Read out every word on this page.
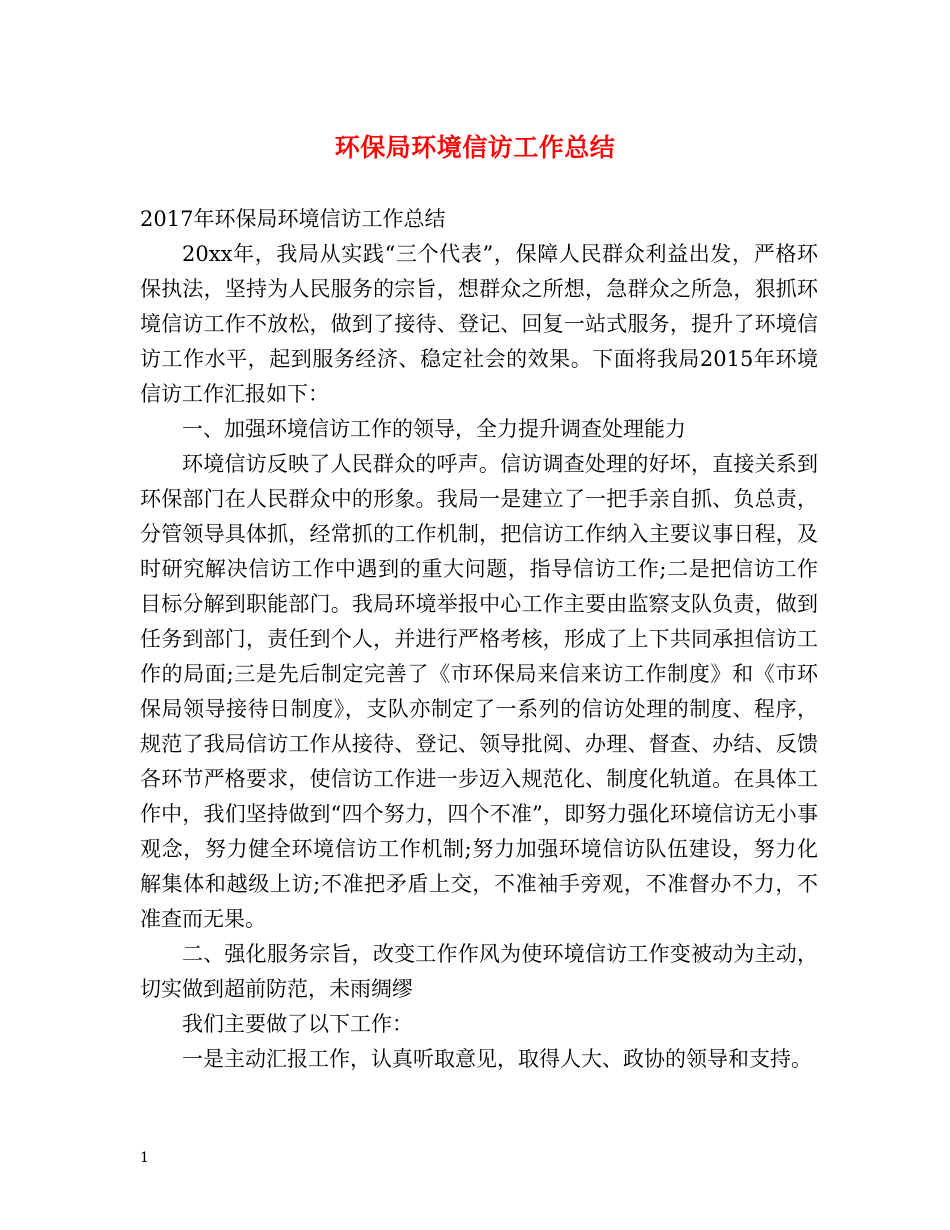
环保局环境信访工作总结

2017年环保局环境信访工作总结

20xx年，我局从实践“三个代表”，保障人民群众利益出发，严格环保执法，坚持为人民服务的宗旨，想群众之所想，急群众之所急，狠抓环境信访工作不放松，做到了接待、登记、回复一站式服务，提升了环境信访工作水平，起到服务经济、稳定社会的效果。下面将我局2015年环境信访工作汇报如下：

一、加强环境信访工作的领导，全力提升调查处理能力

环境信访反映了人民群众的呼声。信访调查处理的好坏，直接关系到环保部门在人民群众中的形象。我局一是建立了一把手亲自抓、负总责，分管领导具体抓，经常抓的工作机制，把信访工作纳入主要议事日程，及时研究解决信访工作中遇到的重大问题，指导信访工作;二是把信访工作目标分解到职能部门。我局环境举报中心工作主要由监察支队负责，做到任务到部门，责任到个人，并进行严格考核，形成了上下共同承担信访工作的局面;三是先后制定完善了《市环保局来信来访工作制度》和《市环保局领导接待日制度》，支队亦制定了一系列的信访处理的制度、程序，规范了我局信访工作从接待、登记、领导批阅、办理、督查、办结、反馈各环节严格要求，使信访工作进一步迈入规范化、制度化轨道。在具体工作中，我们坚持做到“四个努力，四个不准”，即努力强化环境信访无小事观念，努力健全环境信访工作机制;努力加强环境信访队伍建设，努力化解集体和越级上访;不准把矛盾上交，不准袖手旁观，不准督办不力，不准查而无果。

二、强化服务宗旨，改变工作作风为使环境信访工作变被动为主动，切实做到超前防范，未雨绸缪

我们主要做了以下工作：

一是主动汇报工作，认真听取意见，取得人大、政协的领导和支持。

1
